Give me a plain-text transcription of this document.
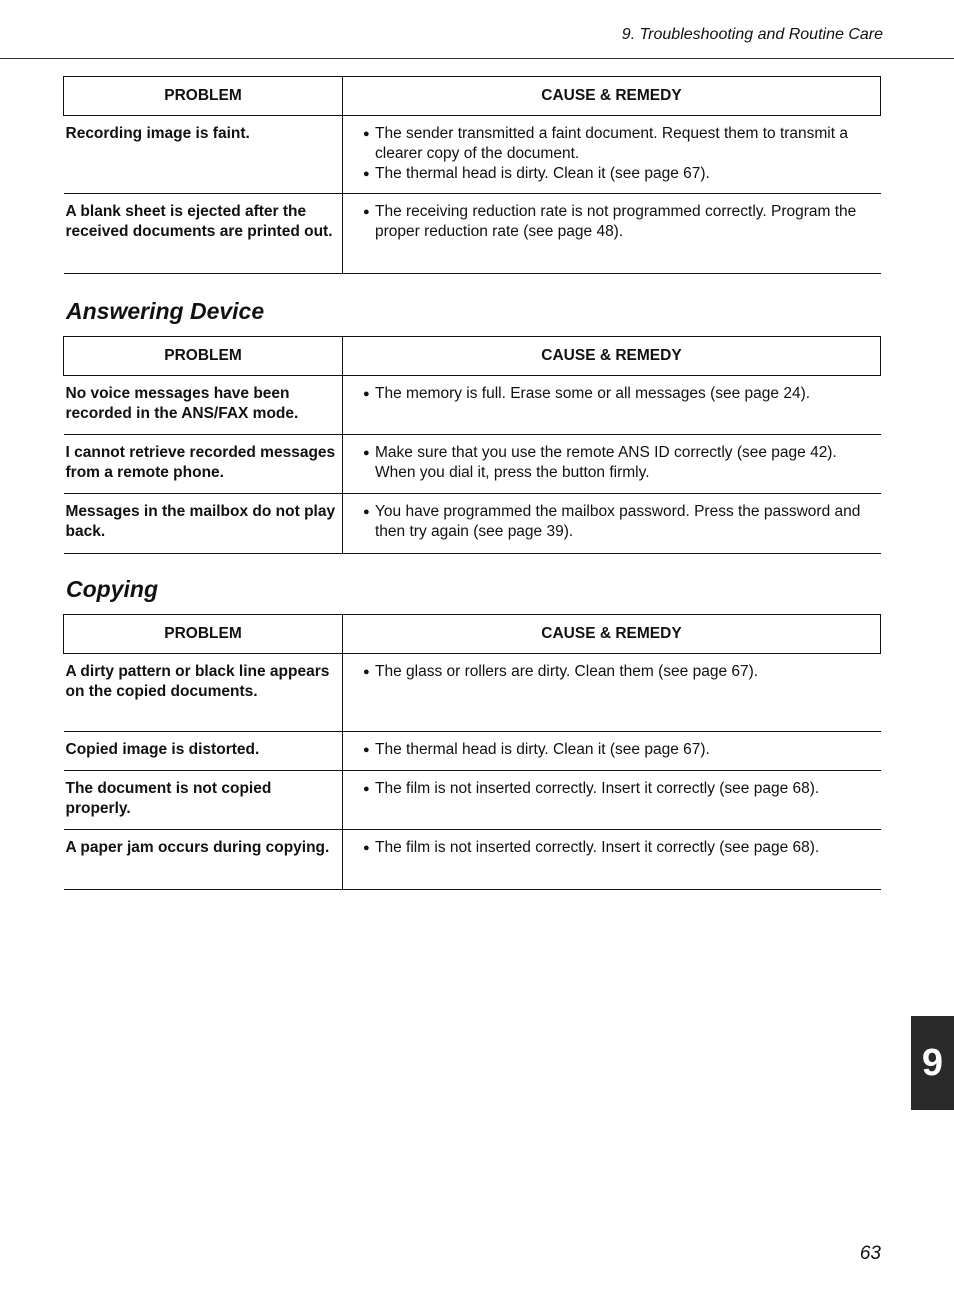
9. Troubleshooting and Routine Care
PROBLEM	CAUSE & REMEDY
Recording image is faint.	● The sender transmitted a faint document. Request them to transmit a clearer copy of the document.
● The thermal head is dirty. Clean it (see page 67).

A blank sheet is ejected after the received documents are printed out.	● The receiving reduction rate is not programmed correctly. Program the proper reduction rate (see page 48).
Answering Device
PROBLEM	CAUSE & REMEDY
No voice messages have been recorded in the ANS/FAX mode.	● The memory is full. Erase some or all messages (see page 24).

I cannot retrieve recorded messages from a remote phone.	● Make sure that you use the remote ANS ID correctly (see page 42). When you dial it, press the button firmly.

Messages in the mailbox do not play back.	● You have programmed the mailbox password. Press the password and then try again (see page 39).
Copying
PROBLEM	CAUSE & REMEDY
A dirty pattern or black line appears on the copied documents.	● The glass or rollers are dirty. Clean them (see page 67).

Copied image is distorted.	● The thermal head is dirty. Clean it (see page 67).

The document is not copied properly.	● The film is not inserted correctly. Insert it correctly (see page 68).

A paper jam occurs during copying.	● The film is not inserted correctly. Insert it correctly (see page 68).
9
63
